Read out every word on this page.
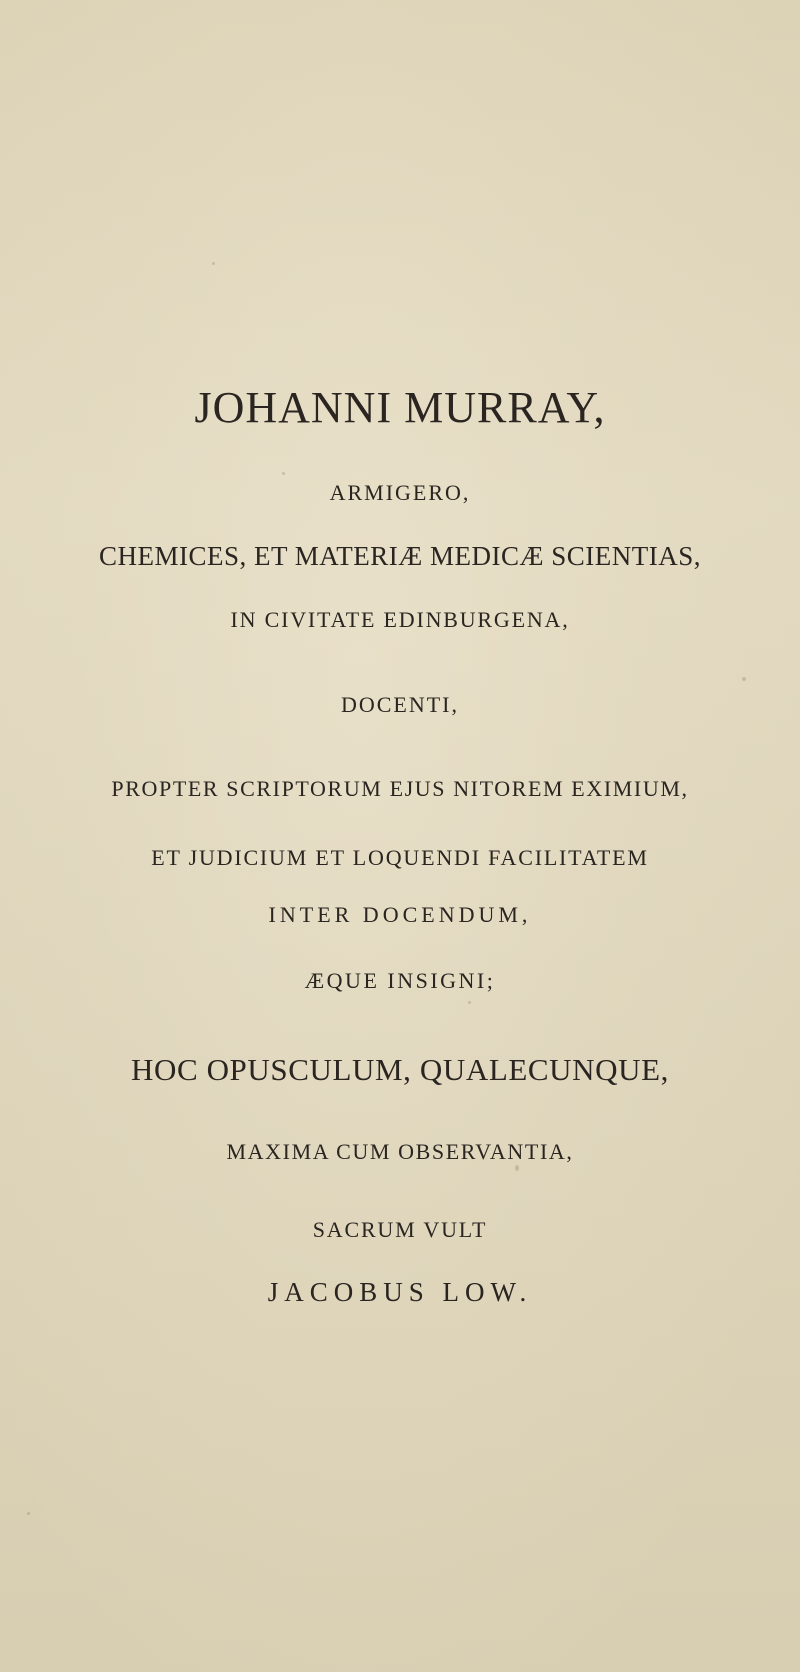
JOHANNI MURRAY,
ARMIGERO,
CHEMICES, ET MATERIÆ MEDICÆ SCIENTIAS,
IN CIVITATE EDINBURGENA,
DOCENTI,
PROPTER SCRIPTORUM EJUS NITOREM EXIMIUM,
ET JUDICIUM ET LOQUENDI FACILITATEM
INTER DOCENDUM,
ÆQUE INSIGNI;
HOC OPUSCULUM, QUALECUNQUE,
MAXIMA CUM OBSERVANTIA,
SACRUM VULT
JACOBUS LOW.
